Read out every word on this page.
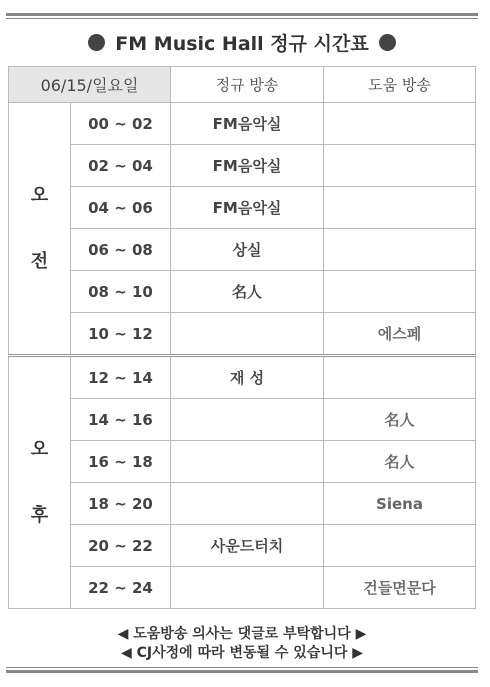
FM Music Hall 정규 시간표
06/15/일요일		정규 방송	도움 방송

오
전	00 ~ 02	FM음악실	
	02 ~ 04	FM음악실	
	04 ~ 06	FM음악실	
	06 ~ 08	상실	
	08 ~ 10	名人	
	10 ~ 12		에스페

오
후	12 ~ 14	재 성	
	14 ~ 16		名人
	16 ~ 18		名人
	18 ~ 20		Siena
	20 ~ 22	사운드터치	
	22 ~ 24		건들면문다
◀ 도움방송 의사는 댓글로 부탁합니다 ▶
◀ CJ사정에 따라 변동될 수 있습니다 ▶
